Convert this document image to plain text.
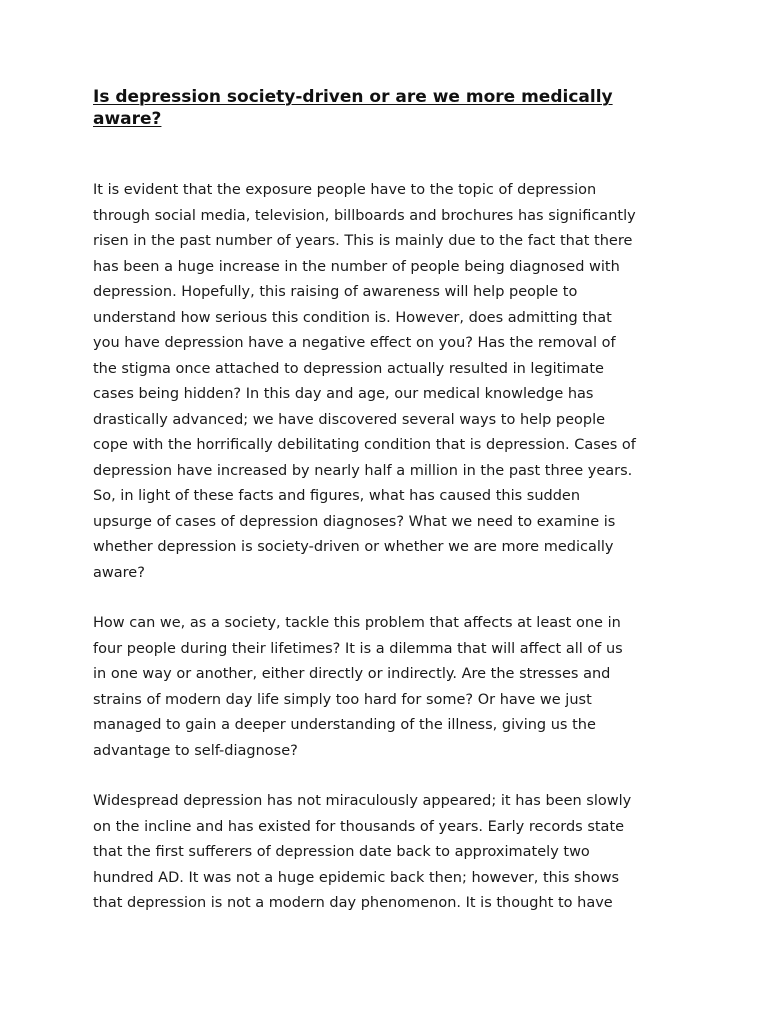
Is depression society-driven or are we more medically
aware?
It is evident that the exposure people have to the topic of depression
through social media, television, billboards and brochures has significantly
risen in the past number of years. This is mainly due to the fact that there
has been a huge increase in the number of people being diagnosed with
depression. Hopefully, this raising of awareness will help people to
understand how serious this condition is. However, does admitting that
you have depression have a negative effect on you? Has the removal of
the stigma once attached to depression actually resulted in legitimate
cases being hidden? In this day and age, our medical knowledge has
drastically advanced; we have discovered several ways to help people
cope with the horrifically debilitating condition that is depression. Cases of
depression have increased by nearly half a million in the past three years.
So, in light of these facts and figures, what has caused this sudden
upsurge of cases of depression diagnoses? What we need to examine is
whether depression is society-driven or whether we are more medically
aware?
How can we, as a society, tackle this problem that affects at least one in
four people during their lifetimes? It is a dilemma that will affect all of us
in one way or another, either directly or indirectly. Are the stresses and
strains of modern day life simply too hard for some? Or have we just
managed to gain a deeper understanding of the illness, giving us the
advantage to self-diagnose?
Widespread depression has not miraculously appeared; it has been slowly
on the incline and has existed for thousands of years. Early records state
that the first sufferers of depression date back to approximately two
hundred AD. It was not a huge epidemic back then; however, this shows
that depression is not a modern day phenomenon. It is thought to have
